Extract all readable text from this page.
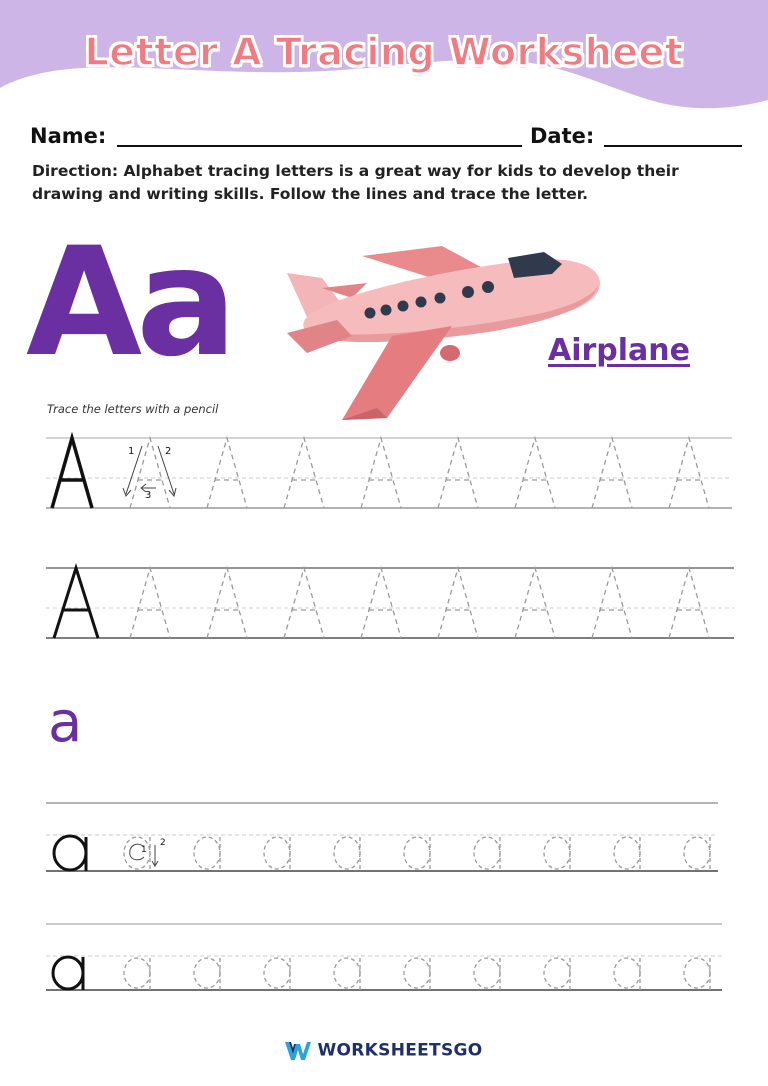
Letter A Tracing Worksheet
Name:	Date:
Direction: Alphabet tracing letters is a great way for kids to develop their drawing and writing skills. Follow the lines and trace the letter.
Aa	Airplane
Trace the letters with a pencil
1	2
3
a
1
2
WORKSHEETSGO
